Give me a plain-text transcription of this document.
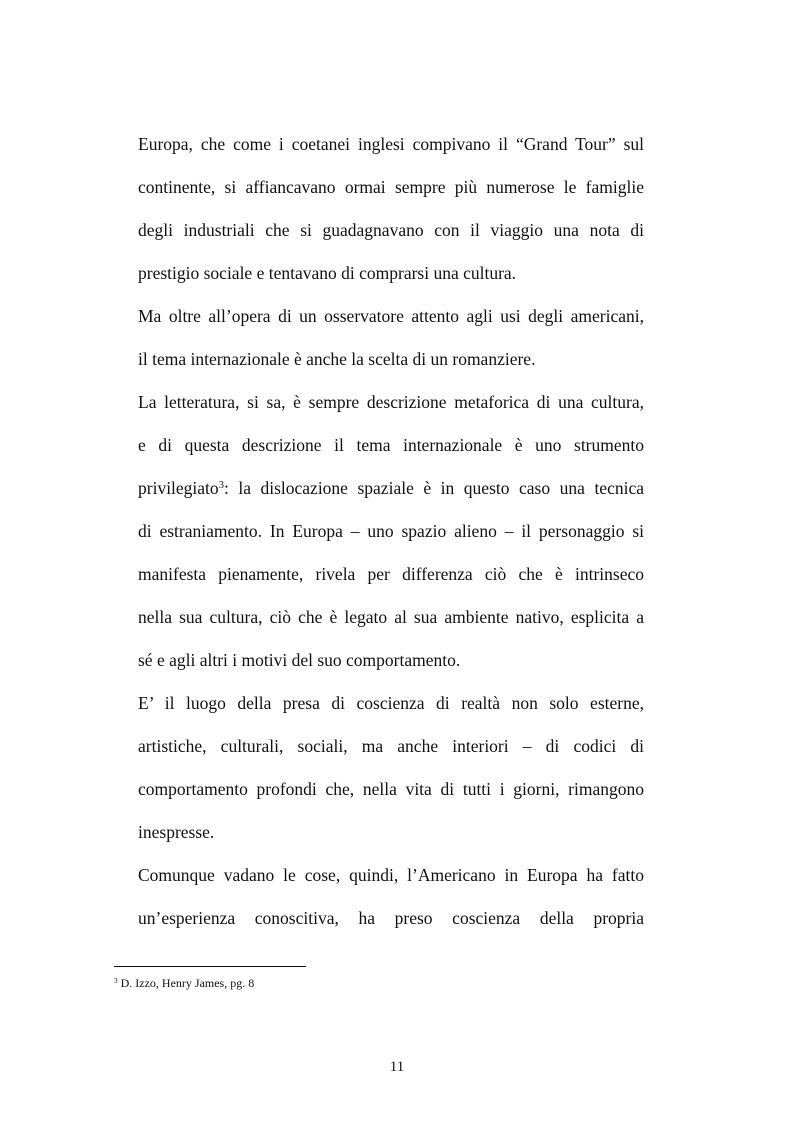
Europa, che come i coetanei inglesi compivano il “Grand Tour” sul
continente, si affiancavano ormai sempre più numerose le famiglie
degli industriali che si guadagnavano con il viaggio una nota di
prestigio sociale e tentavano di comprarsi una cultura.
Ma oltre all’opera di un osservatore attento agli usi degli americani,
il tema internazionale è anche la scelta di un romanziere.
La letteratura, si sa, è sempre descrizione metaforica di una cultura,
e di questa descrizione il tema internazionale è uno strumento
privilegiato$^3$: la dislocazione spaziale è in questo caso una tecnica
di estraniamento. In Europa – uno spazio alieno – il personaggio si
manifesta pienamente, rivela per differenza ciò che è intrinseco
nella sua cultura, ciò che è legato al sua ambiente nativo, esplicita a
sé e agli altri i motivi del suo comportamento.
E’ il luogo della presa di coscienza di realtà non solo esterne,
artistiche, culturali, sociali, ma anche interiori – di codici di
comportamento profondi che, nella vita di tutti i giorni, rimangono
inespresse.
Comunque vadano le cose, quindi, l’Americano in Europa ha fatto
un’esperienza conoscitiva, ha preso coscienza della propria
$^3$ D. Izzo, Henry James, pg. 8
11
